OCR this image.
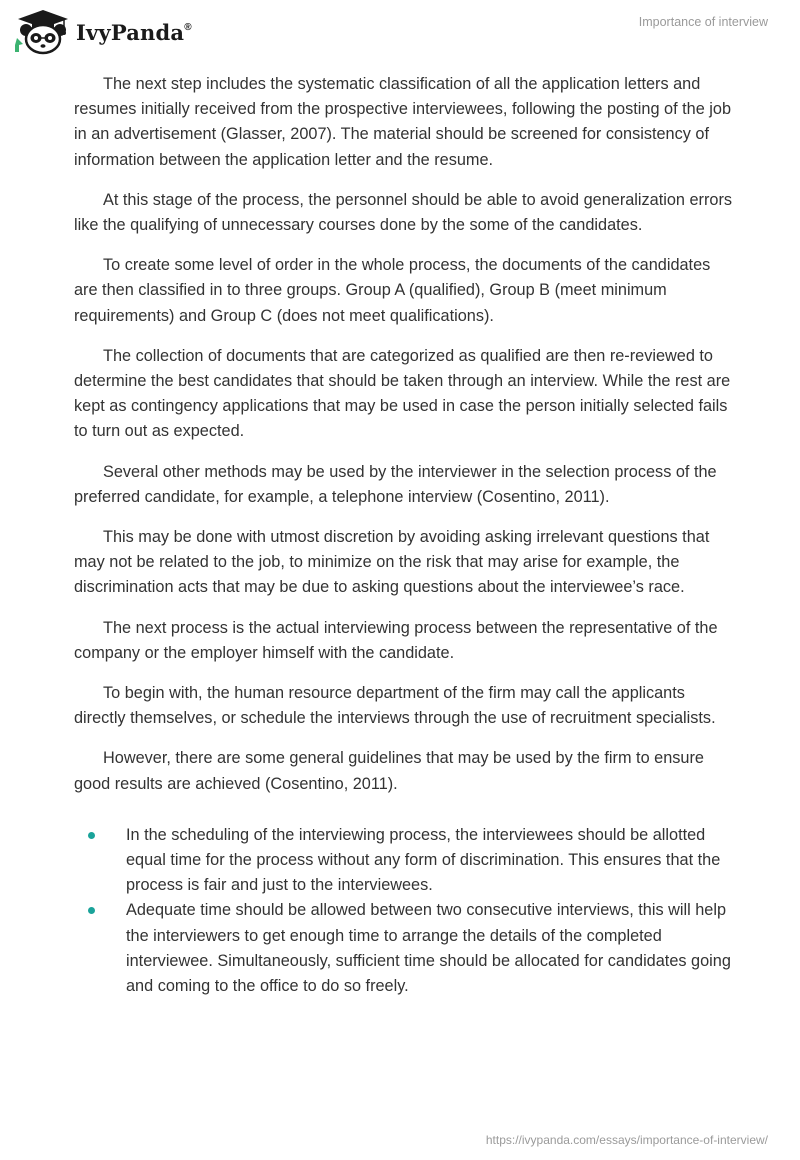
IvyPanda®	Importance of interview

The next step includes the systematic classification of all the application letters and resumes initially received from the prospective interviewees, following the posting of the job in an advertisement (Glasser, 2007). The material should be screened for consistency of information between the application letter and the resume.

At this stage of the process, the personnel should be able to avoid generalization errors like the qualifying of unnecessary courses done by the some of the candidates.

To create some level of order in the whole process, the documents of the candidates are then classified in to three groups. Group A (qualified), Group B (meet minimum requirements) and Group C (does not meet qualifications).

The collection of documents that are categorized as qualified are then re-reviewed to determine the best candidates that should be taken through an interview. While the rest are kept as contingency applications that may be used in case the person initially selected fails to turn out as expected.

Several other methods may be used by the interviewer in the selection process of the preferred candidate, for example, a telephone interview (Cosentino, 2011).

This may be done with utmost discretion by avoiding asking irrelevant questions that may not be related to the job, to minimize on the risk that may arise for example, the discrimination acts that may be due to asking questions about the interviewee’s race.

The next process is the actual interviewing process between the representative of the company or the employer himself with the candidate.

To begin with, the human resource department of the firm may call the applicants directly themselves, or schedule the interviews through the use of recruitment specialists.

However, there are some general guidelines that may be used by the firm to ensure good results are achieved (Cosentino, 2011).

In the scheduling of the interviewing process, the interviewees should be allotted equal time for the process without any form of discrimination. This ensures that the process is fair and just to the interviewees.
Adequate time should be allowed between two consecutive interviews, this will help the interviewers to get enough time to arrange the details of the completed interviewee. Simultaneously, sufficient time should be allocated for candidates going and coming to the office to do so freely.
https://ivypanda.com/essays/importance-of-interview/
